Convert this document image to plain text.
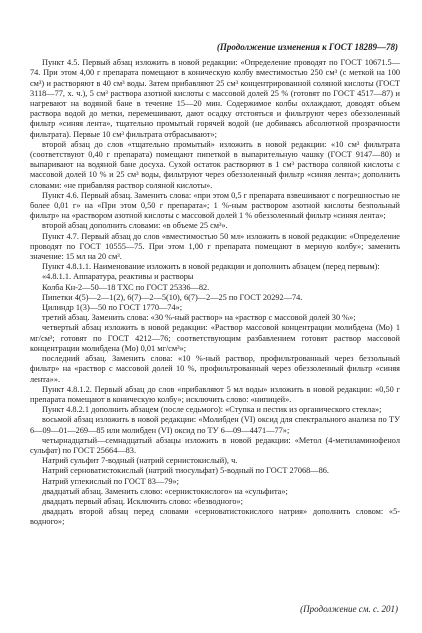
(Продолжение изменения к ГОСТ 18289—78)

Пункт 4.5. Первый абзац изложить в новой редакции: «Определение проводят по ГОСТ 10671.5—74. При этом 4,00 г препарата помещают в коническую колбу вместимостью 250 см³ (с меткой на 100 см³) и растворяют в 40 см³ воды. Затем прибавляют 25 см³ концентрированной соляной кислоты (ГОСТ 3118—77, х. ч.), 5 см³ раствора азотной кислоты с массовой долей 25 % (готовят по ГОСТ 4517—87) и нагревают на водяной бане в течение 15—20 мин. Содержимое колбы охлаждают, доводят объем раствора водой до метки, перемешивают, дают осадку отстояться и фильтруют через обеззоленный фильтр «синяя лента», тщательно промытый горячей водой (не добиваясь абсолютной прозрачности фильтрата). Первые 10 см³ фильтрата отбрасывают»;

второй абзац до слов «тщательно промытый» изложить в новой редакции: «10 см³ фильтрата (соответствуют 0,40 г препарата) помещают пипеткой в выпарительную чашку (ГОСТ 9147—80) и выпаривают на водяной бане досуха. Сухой остаток растворяют в 1 см³ раствора соляной кислоты с массовой долей 10 % и 25 см³ воды, фильтруют через обеззоленный фильтр «синяя лента»; дополнить словами: «не прибавляя раствор соляной кислоты».

Пункт 4.6. Первый абзац. Заменить слова: «при этом 0,5 г препарата взвешивают с погрешностью не более 0,01 г» на «При этом 0,50 г препарата»; 1 %-ным раствором азотной кислоты безпольный фильтр» на «раствором азотной кислоты с массовой долей 1 % обеззоленный фильтр «синяя лента»;

второй абзац дополнить словами: «в объеме 25 см³».

Пункт 4.7. Первый абзац до слов «вместимостью 50 мл» изложить в новой редакции: «Определение проводят по ГОСТ 10555—75. При этом 1,00 г препарата помещают в мерную колбу»; заменить значение: 15 мл на 20 см³.

Пункт 4.8.1.1. Наименование изложить в новой редакции и дополнить абзацем (перед первым):

«4.8.1.1. Аппаратура, реактивы и растворы

Колба Кн-2—50—18 ТХС по ГОСТ 25336—82.

Пипетки 4(5)—2—1(2), 6(7)—2—5(10), 6(7)—2—25 по ГОСТ 20292—74.

Цилиндр 1(3)—50 по ГОСТ 1770—74»;

третий абзац. Заменить слова: «30 %-ный раствор» на «раствор с массовой долей 30 %»;

четвертый абзац изложить в новой редакции: «Раствор массовой концентрации молибдена (Мо) 1 мг/см³; готовят по ГОСТ 4212—76; соответствующим разбавлением готовят раствор массовой концентрации молибдена (Мо) 0,01 мг/см³»;

последний абзац. Заменить слова: «10 %-ный раствор, профильтрованный через беззольный фильтр» на «раствор с массовой долей 10 %, профильтрованный через обеззоленный фильтр «синяя лента»».

Пункт 4.8.1.2. Первый абзац до слов «прибавляют 5 мл воды» изложить в новой редакции: «0,50 г препарата помещают в коническую колбу»; исключить слово: «нипицей».

Пункт 4.8.2.1 дополнить абзацем (после седьмого): «Ступка и пестик из органического стекла»;

восьмой абзац изложить в новой редакции: «Молибден (VI) оксид для спектрального анализа по ТУ 6—09—01—269—85 или молибден (VI) оксид по ТУ 6—09—4471—77»;

четырнадцатый—семнадцатый абзацы изложить в новой редакции: «Метол (4-метиламинофенол сульфат) по ГОСТ 25664—83.

Натрий сульфит 7-водный (натрий сернистокислый), ч.

Натрий серноватистокислый (натрий тиосульфат) 5-водный по ГОСТ 27068—86.

Натрий углекислый по ГОСТ 83—79»;

двадцатый абзац. Заменить слово: «сернистокислого» на «сульфита»;

двадцать первый абзац. Исключить слово: «безводного»;

двадцать второй абзац перед словами «серноватистокислого натрия» дополнить словом: «5-водного»;

(Продолжение см. с. 201)
